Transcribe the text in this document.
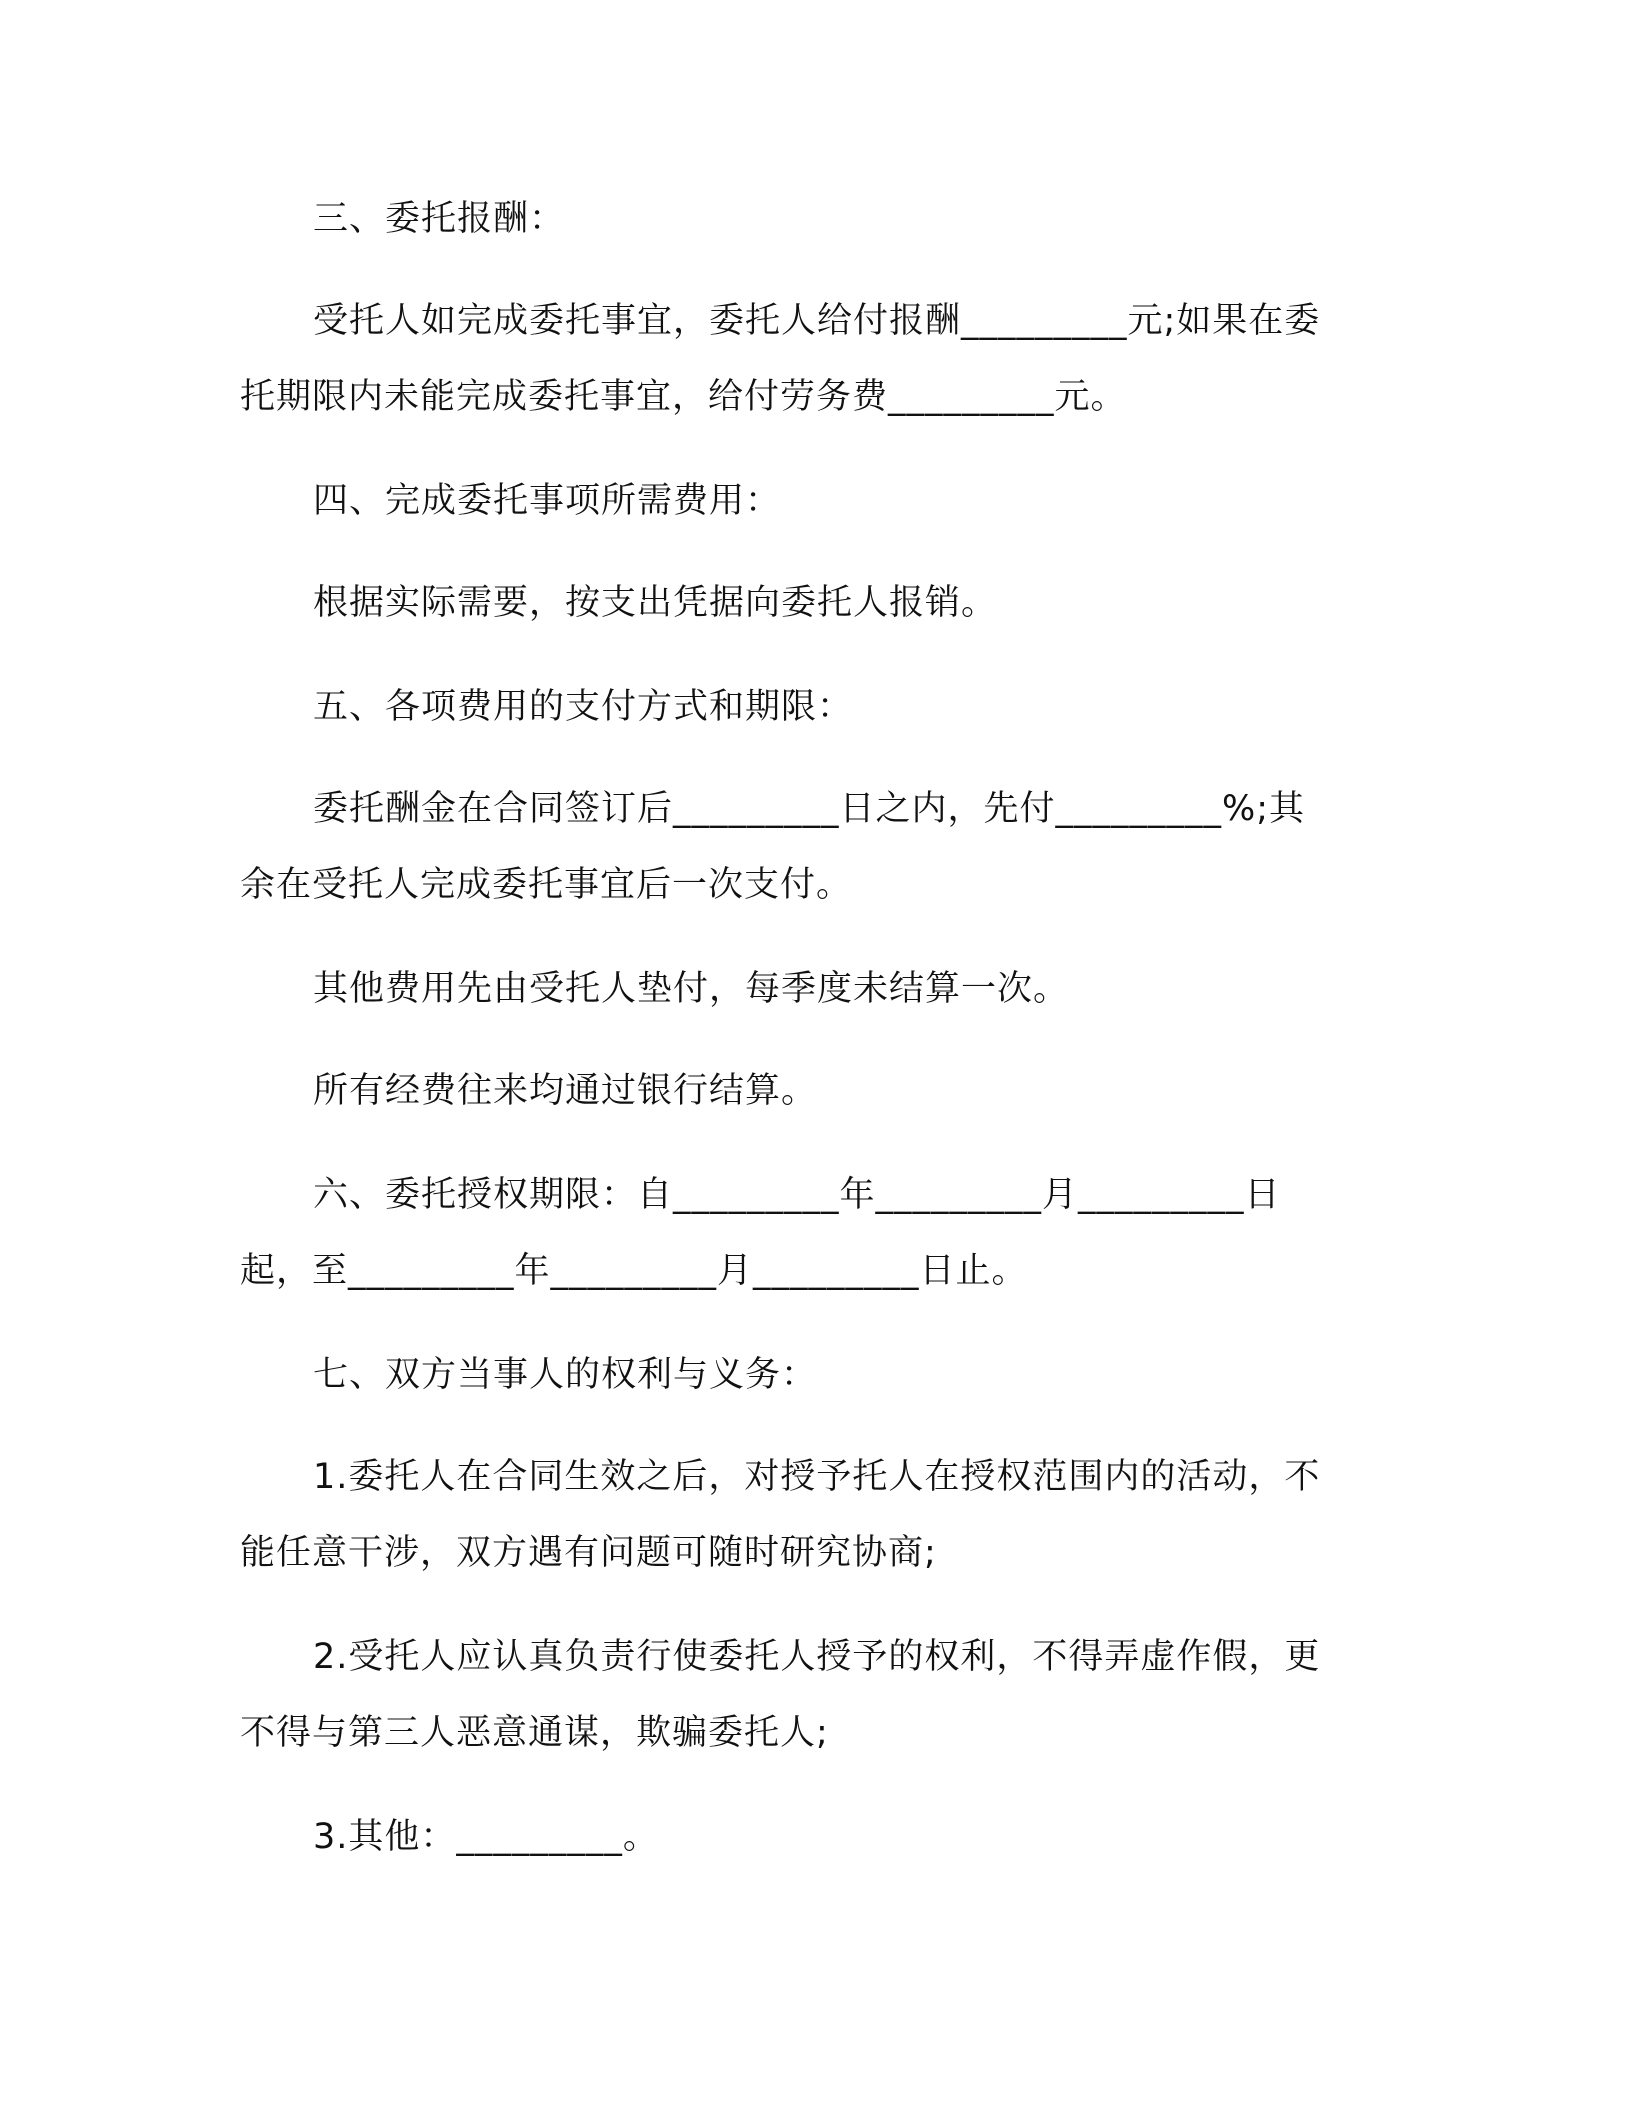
三、委托报酬：
受托人如完成委托事宜，委托人给付报酬_________元;如果在委
托期限内未能完成委托事宜，给付劳务费_________元。
四、完成委托事项所需费用：
根据实际需要，按支出凭据向委托人报销。
五、各项费用的支付方式和期限：
委托酬金在合同签订后_________日之内，先付_________%;其
余在受托人完成委托事宜后一次支付。
其他费用先由受托人垫付，每季度未结算一次。
所有经费往来均通过银行结算。
六、委托授权期限：自_________年_________月_________日
起，至_________年_________月_________日止。
七、双方当事人的权利与义务：
1.委托人在合同生效之后，对授予托人在授权范围内的活动，不
能任意干涉，双方遇有问题可随时研究协商;
2.受托人应认真负责行使委托人授予的权利，不得弄虚作假，更
不得与第三人恶意通谋，欺骗委托人;
3.其他：_________。
